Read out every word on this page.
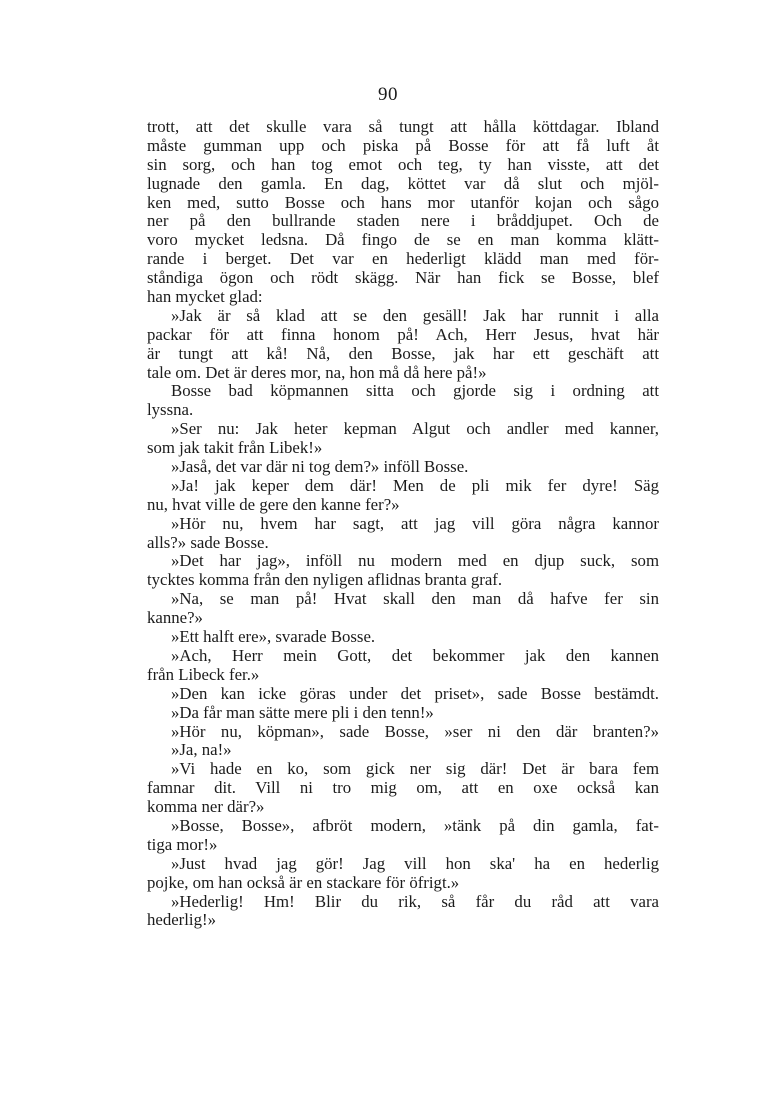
90
trott, att det skulle vara så tungt att hålla köttdagar. Ibland
måste gumman upp och piska på Bosse för att få luft åt
sin sorg, och han tog emot och teg, ty han visste, att det
lugnade den gamla. En dag, köttet var då slut och mjöl-
ken med, sutto Bosse och hans mor utanför kojan och sågo
ner på den bullrande staden nere i bråddjupet. Och de
voro mycket ledsna. Då fingo de se en man komma klätt-
rande i berget. Det var en hederligt klädd man med för-
ståndiga ögon och rödt skägg. När han fick se Bosse, blef
han mycket glad:
»Jak är så klad att se den gesäll! Jak har runnit i alla
packar för att finna honom på! Ach, Herr Jesus, hvat här
är tungt att kå! Nå, den Bosse, jak har ett geschäft att
tale om. Det är deres mor, na, hon må då here på!»
Bosse bad köpmannen sitta och gjorde sig i ordning att
lyssna.
»Ser nu: Jak heter kepman Algut och andler med kanner,
som jak takit från Libek!»
»Jaså, det var där ni tog dem?» inföll Bosse.
»Ja! jak keper dem där! Men de pli mik fer dyre! Säg
nu, hvat ville de gere den kanne fer?»
»Hör nu, hvem har sagt, att jag vill göra några kannor
alls?» sade Bosse.
»Det har jag», inföll nu modern med en djup suck, som
tycktes komma från den nyligen aflidnas branta graf.
»Na, se man på! Hvat skall den man då hafve fer sin
kanne?»
»Ett halft ere», svarade Bosse.
»Ach, Herr mein Gott, det bekommer jak den kannen
från Libeck fer.»
»Den kan icke göras under det priset», sade Bosse bestämdt.
»Da får man sätte mere pli i den tenn!»
»Hör nu, köpman», sade Bosse, »ser ni den där branten?»
»Ja, na!»
»Vi hade en ko, som gick ner sig där! Det är bara fem
famnar dit. Vill ni tro mig om, att en oxe också kan
komma ner där?»
»Bosse, Bosse», afbröt modern, »tänk på din gamla, fat-
tiga mor!»
»Just hvad jag gör! Jag vill hon ska' ha en hederlig
pojke, om han också är en stackare för öfrigt.»
»Hederlig! Hm! Blir du rik, så får du råd att vara
hederlig!»
